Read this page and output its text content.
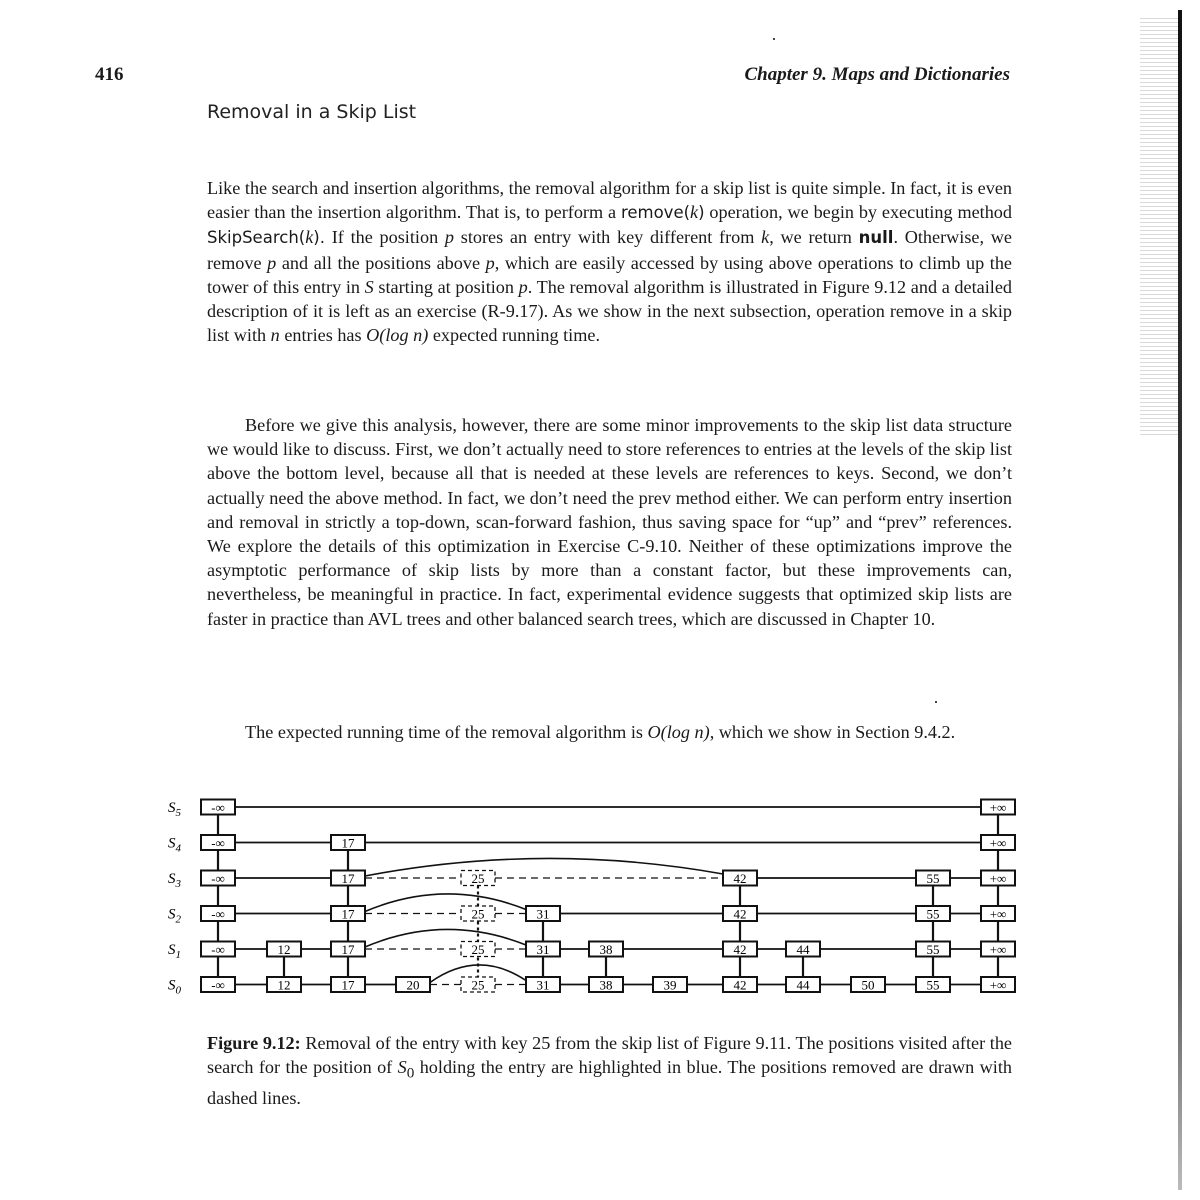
416	Chapter 9. Maps and Dictionaries
Removal in a Skip List

Like the search and insertion algorithms, the removal algorithm for a skip list is quite simple. In fact, it is even easier than the insertion algorithm. That is, to perform a remove(k) operation, we begin by executing method SkipSearch(k). If the position p stores an entry with key different from k, we return null. Otherwise, we remove p and all the positions above p, which are easily accessed by using above operations to climb up the tower of this entry in S starting at position p. The removal algorithm is illustrated in Figure 9.12 and a detailed description of it is left as an exercise (R-9.17). As we show in the next subsection, operation remove in a skip list with n entries has O(log n) expected running time.

Before we give this analysis, however, there are some minor improvements to the skip list data structure we would like to discuss. First, we don’t actually need to store references to entries at the levels of the skip list above the bottom level, because all that is needed at these levels are references to keys. Second, we don’t actually need the above method. In fact, we don’t need the prev method either. We can perform entry insertion and removal in strictly a top-down, scan-forward fashion, thus saving space for “up” and “prev” references. We explore the details of this optimization in Exercise C-9.10. Neither of these optimizations improve the asymptotic performance of skip lists by more than a constant factor, but these improvements can, nevertheless, be meaningful in practice. In fact, experimental evidence suggests that optimized skip lists are faster in practice than AVL trees and other balanced search trees, which are discussed in Chapter 10.

The expected running time of the removal algorithm is O(log n), which we show in Section 9.4.2.

$S_5$ -∞	+∞
$S_4$ -∞	17	+∞
$S_3$ -∞	17	25	42	55	+∞
$S_2$ -∞	17	25	31	42	55	+∞
$S_1$ -∞	12	17	25	31	38	42	44	55	+∞
$S_0$ -∞	12	17	20	25	31	38	39	42	44	50	55	+∞
Figure 9.12: Removal of the entry with key 25 from the skip list of Figure 9.11. The positions visited after the search for the position of $S_0$ holding the entry are highlighted in blue. The positions removed are drawn with dashed lines.
